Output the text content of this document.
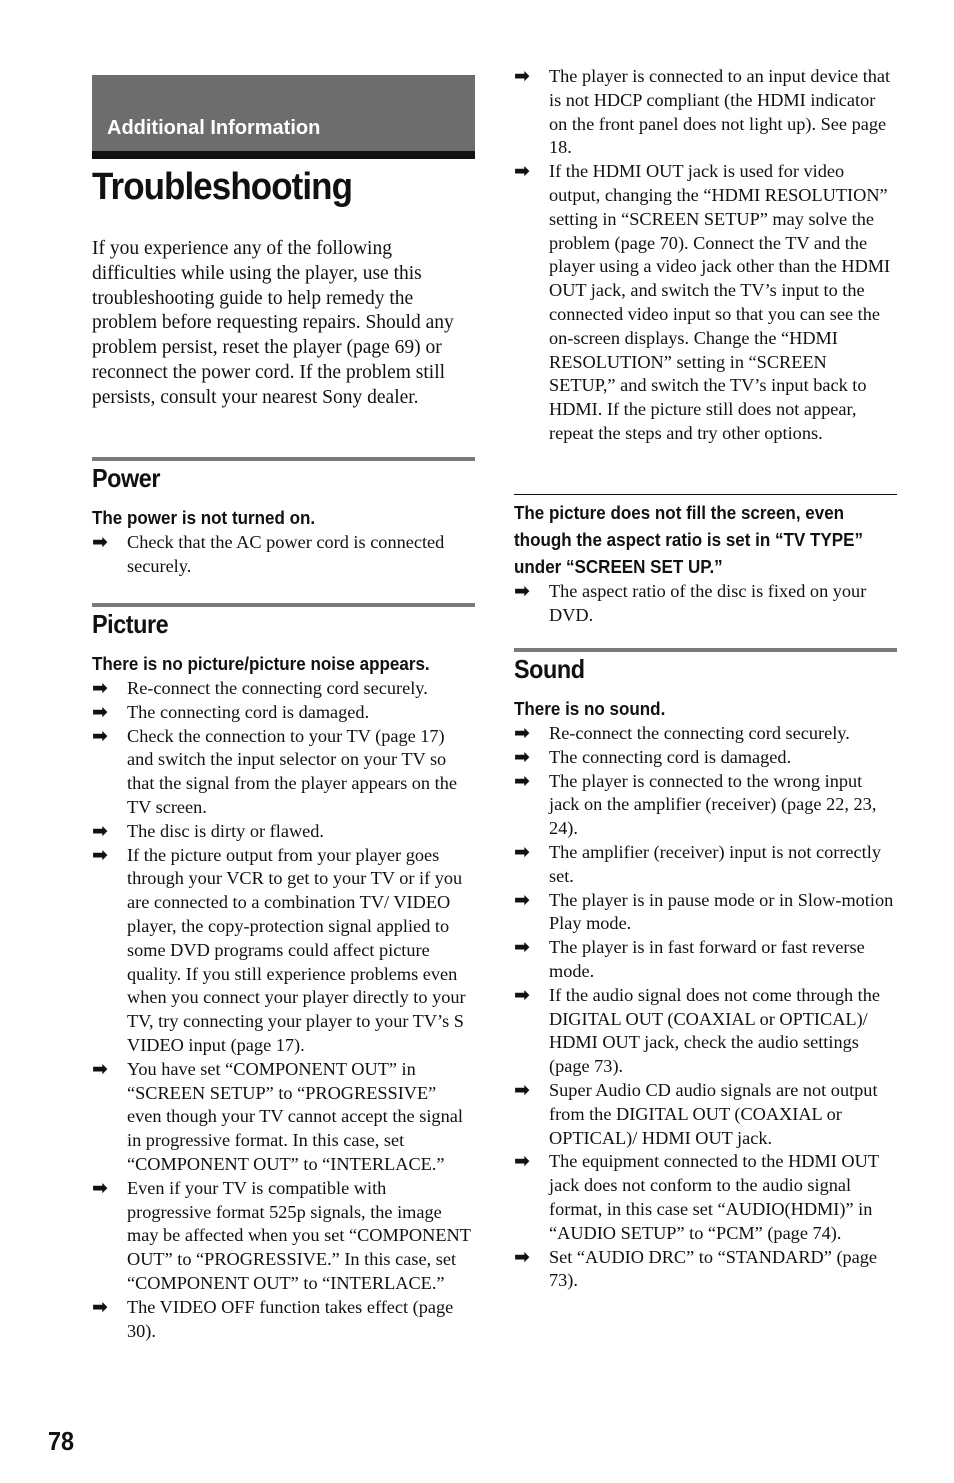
Additional Information
Troubleshooting

If you experience any of the following difficulties while using the player, use this troubleshooting guide to help remedy the problem before requesting repairs. Should any problem persist, reset the player (page 69) or reconnect the power cord. If the problem still persists, consult your nearest Sony dealer.

Power
The power is not turned on.
➡ Check that the AC power cord is connected securely.
Picture
There is no picture/picture noise appears.
➡ Re-connect the connecting cord securely.
➡ The connecting cord is damaged.
➡ Check the connection to your TV (page 17) and switch the input selector on your TV so that the signal from the player appears on the TV screen.
➡ The disc is dirty or flawed.
➡ If the picture output from your player goes through your VCR to get to your TV or if you are connected to a combination TV/ VIDEO player, the copy-protection signal applied to some DVD programs could affect picture quality. If you still experience problems even when you connect your player directly to your TV, try connecting your player to your TV’s S VIDEO input (page 17).
➡ You have set “COMPONENT OUT” in “SCREEN SETUP” to “PROGRESSIVE” even though your TV cannot accept the signal in progressive format. In this case, set “COMPONENT OUT” to “INTERLACE.”
➡ Even if your TV is compatible with progressive format 525p signals, the image may be affected when you set “COMPONENT OUT” to “PROGRESSIVE.” In this case, set “COMPONENT OUT” to “INTERLACE.”
➡ The VIDEO OFF function takes effect (page 30).
➡ The player is connected to an input device that is not HDCP compliant (the HDMI indicator on the front panel does not light up). See page 18.
➡ If the HDMI OUT jack is used for video output, changing the “HDMI RESOLUTION” setting in “SCREEN SETUP” may solve the problem (page 70). Connect the TV and the player using a video jack other than the HDMI OUT jack, and switch the TV’s input to the connected video input so that you can see the on-screen displays. Change the “HDMI RESOLUTION” setting in “SCREEN SETUP,” and switch the TV’s input back to HDMI. If the picture still does not appear, repeat the steps and try other options.
The picture does not fill the screen, even though the aspect ratio is set in “TV TYPE” under “SCREEN SET UP.”
➡ The aspect ratio of the disc is fixed on your DVD.
Sound
There is no sound.
➡ Re-connect the connecting cord securely.
➡ The connecting cord is damaged.
➡ The player is connected to the wrong input jack on the amplifier (receiver) (page 22, 23, 24).
➡ The amplifier (receiver) input is not correctly set.
➡ The player is in pause mode or in Slow-motion Play mode.
➡ The player is in fast forward or fast reverse mode.
➡ If the audio signal does not come through the DIGITAL OUT (COAXIAL or OPTICAL)/ HDMI OUT jack, check the audio settings (page 73).
➡ Super Audio CD audio signals are not output from the DIGITAL OUT (COAXIAL or OPTICAL)/ HDMI OUT jack.
➡ The equipment connected to the HDMI OUT jack does not conform to the audio signal format, in this case set “AUDIO(HDMI)” in “AUDIO SETUP” to “PCM” (page 74).
➡ Set “AUDIO DRC” to “STANDARD” (page 73).
78
